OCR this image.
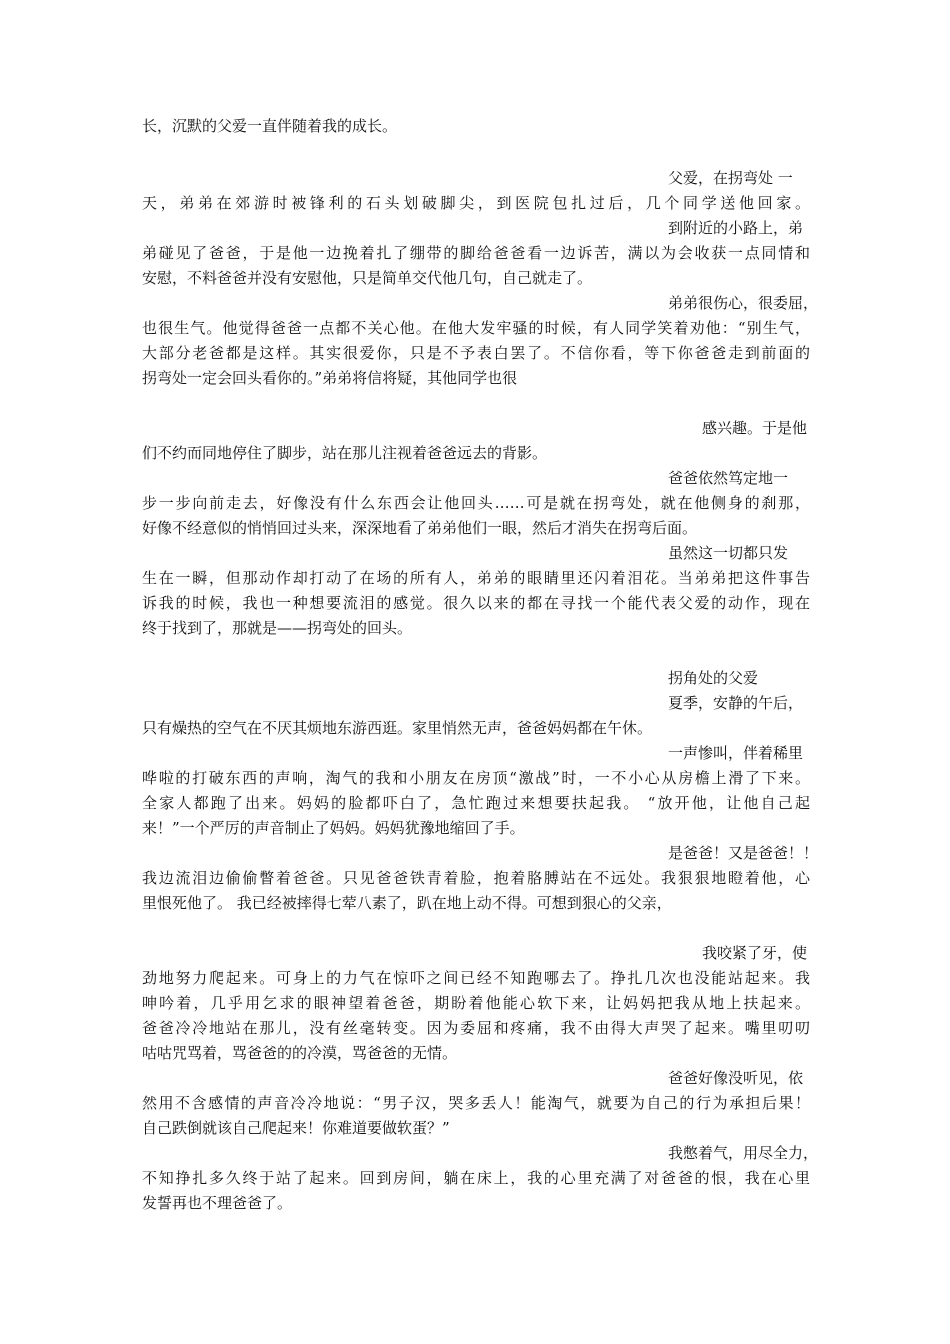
长，沉默的父爱一直伴随着我的成长。
父爱，在拐弯处 一
天，弟弟在郊游时被锋利的石头划破脚尖，到医院包扎过后，几个同学送他回家。
到附近的小路上，弟
弟碰见了爸爸，于是他一边挽着扎了绷带的脚给爸爸看一边诉苦，满以为会收获一点同情和
安慰，不料爸爸并没有安慰他，只是简单交代他几句，自己就走了。
弟弟很伤心，很委屈，
也很生气。他觉得爸爸一点都不关心他。在他大发牢骚的时候，有人同学笑着劝他：“别生气，
大部分老爸都是这样。其实很爱你，只是不予表白罢了。不信你看，等下你爸爸走到前面的
拐弯处一定会回头看你的。”弟弟将信将疑，其他同学也很
感兴趣。于是他
们不约而同地停住了脚步，站在那儿注视着爸爸远去的背影。
爸爸依然笃定地一
步一步向前走去，好像没有什么东西会让他回头……可是就在拐弯处，就在他侧身的刹那，
好像不经意似的悄悄回过头来，深深地看了弟弟他们一眼，然后才消失在拐弯后面。
虽然这一切都只发
生在一瞬，但那动作却打动了在场的所有人，弟弟的眼睛里还闪着泪花。当弟弟把这件事告
诉我的时候，我也一种想要流泪的感觉。很久以来的都在寻找一个能代表父爱的动作，现在
终于找到了，那就是——拐弯处的回头。
拐角处的父爱
夏季，安静的午后，
只有燥热的空气在不厌其烦地东游西逛。家里悄然无声，爸爸妈妈都在午休。
一声惨叫，伴着稀里
哗啦的打破东西的声响，淘气的我和小朋友在房顶“激战”时，一不小心从房檐上滑了下来。
全家人都跑了出来。妈妈的脸都吓白了，急忙跑过来想要扶起我。 “放开他，让他自己起
来！”一个严厉的声音制止了妈妈。妈妈犹豫地缩回了手。
是爸爸！又是爸爸！！
我边流泪边偷偷瞥着爸爸。只见爸爸铁青着脸，抱着胳膊站在不远处。我狠狠地瞪着他，心
里恨死他了。 我已经被摔得七荤八素了，趴在地上动不得。可想到狠心的父亲，
我咬紧了牙，使
劲地努力爬起来。可身上的力气在惊吓之间已经不知跑哪去了。挣扎几次也没能站起来。我
呻吟着，几乎用乞求的眼神望着爸爸，期盼着他能心软下来，让妈妈把我从地上扶起来。
爸爸冷冷地站在那儿，没有丝毫转变。因为委屈和疼痛，我不由得大声哭了起来。嘴里叨叨
咕咕咒骂着，骂爸爸的的冷漠，骂爸爸的无情。
爸爸好像没听见，依
然用不含感情的声音冷冷地说：“男子汉，哭多丢人！能淘气，就要为自己的行为承担后果！
自己跌倒就该自己爬起来！你难道要做软蛋？”
我憋着气，用尽全力，
不知挣扎多久终于站了起来。回到房间，躺在床上，我的心里充满了对爸爸的恨，我在心里
发誓再也不理爸爸了。
